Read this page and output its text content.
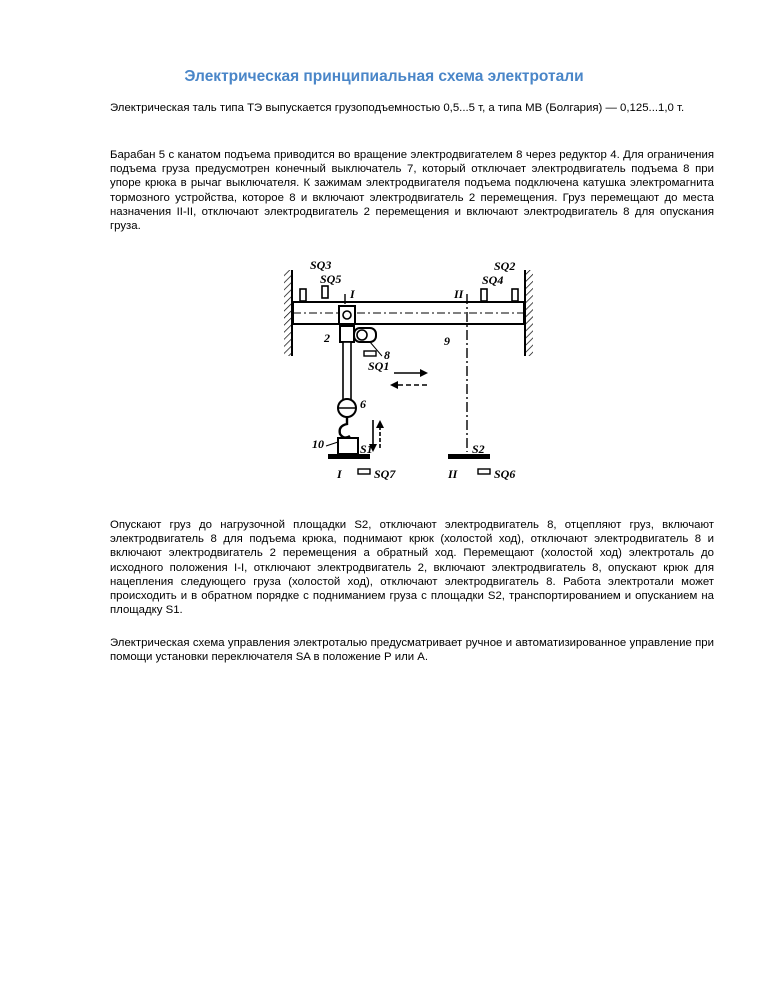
Электрическая принципиальная схема электротали

Электрическая таль типа ТЭ выпускается грузоподъемностью 0,5...5 т, а типа МВ (Болгария) — 0,125...1,0 т.

Барабан 5 с канатом подъема приводится во вращение электродвигателем 8 через редуктор 4. Для ограничения подъема груза предусмотрен конечный выключатель 7, который отключает электродвигатель подъема 8 при упоре крюка в рычаг выключателя. К зажимам электродвигателя подъема подключена катушка электромагнита тормозного устройства, которое 8 и включают электродвигатель 2 перемещения. Груз перемещают до места назначения II-II, отключают электродвигатель 2 перемещения и включают электродвигатель 8 для опускания груза.

SQ3
SQ5
I	II
SQ4
SQ2
2
8
9
SQ1
6
10	S1	S2
I	SQ7	II	SQ6

Опускают груз до нагрузочной площадки S2, отключают электродвигатель 8, отцепляют груз, включают электродвигатель 8 для подъема крюка, поднимают крюк (холостой ход), отключают электродвигатель 8 и включают электродвигатель 2 перемещения а обратный ход. Перемещают (холостой ход) электроталь до исходного положения I-I, отключают электродвигатель 2, включают электродвигатель 8, опускают крюк для нацепления следующего груза (холостой ход), отключают электродвигатель 8. Работа электротали может происходить и в обратном порядке с подниманием груза с площадки S2, транспортированием и опусканием на площадку S1.

Электрическая схема управления электроталью предусматривает ручное и автоматизированное управление при помощи установки переключателя SA в положение Р или А.
